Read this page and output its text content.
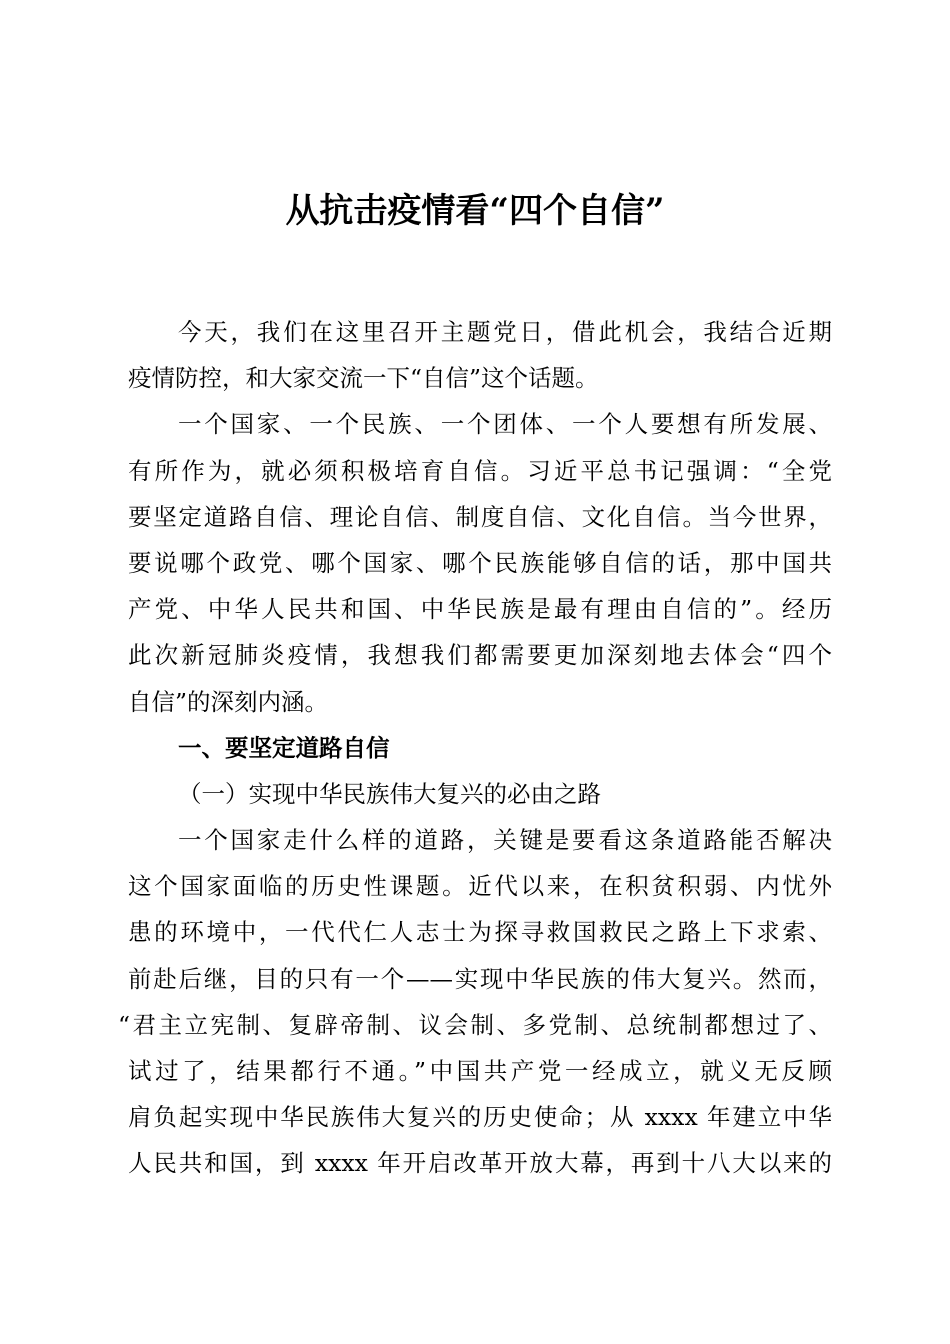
从抗击疫情看“四个自信”
今天，我们在这里召开主题党日，借此机会，我结合近期
疫情防控，和大家交流一下“自信”这个话题。
一个国家、一个民族、一个团体、一个人要想有所发展、
有所作为，就必须积极培育自信。习近平总书记强调：“全党
要坚定道路自信、理论自信、制度自信、文化自信。当今世界，
要说哪个政党、哪个国家、哪个民族能够自信的话，那中国共
产党、中华人民共和国、中华民族是最有理由自信的”。经历
此次新冠肺炎疫情，我想我们都需要更加深刻地去体会“四个
自信”的深刻内涵。
一、要坚定道路自信
（一）实现中华民族伟大复兴的必由之路
一个国家走什么样的道路，关键是要看这条道路能否解决
这个国家面临的历史性课题。近代以来，在积贫积弱、内忧外
患的环境中，一代代仁人志士为探寻救国救民之路上下求索、
前赴后继，目的只有一个——实现中华民族的伟大复兴。然而，
“君主立宪制、复辟帝制、议会制、多党制、总统制都想过了、
试过了，结果都行不通。”中国共产党一经成立，就义无反顾
肩负起实现中华民族伟大复兴的历史使命；从 xxxx 年建立中华
人民共和国，到 xxxx 年开启改革开放大幕，再到十八大以来的
